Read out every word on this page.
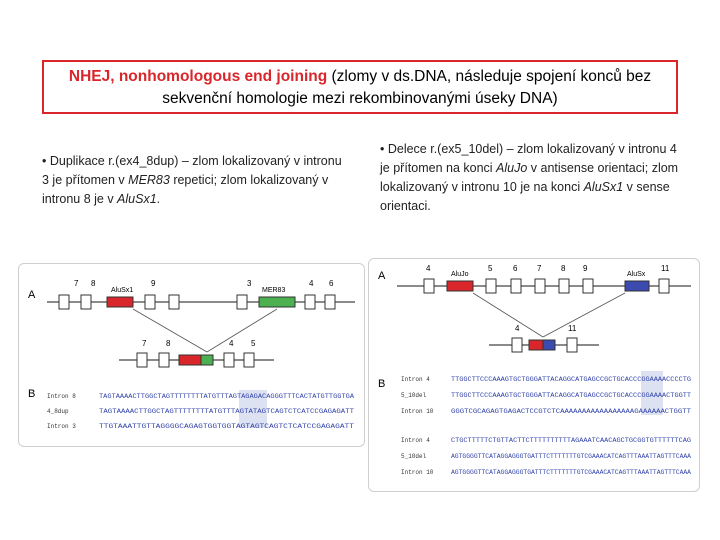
NHEJ, nonhomologous end joining (zlomy v ds.DNA, následuje spojení konců bez sekvenční homologie mezi rekombinovanými úseky DNA)
• Duplikace r.(ex4_8dup) – zlom lokalizovaný v intronu 3 je přítomen v MER83 repetici; zlom lokalizovaný v intronu 8 je v AluSx1.
• Delece r.(ex5_10del) – zlom lokalizovaný v intronu 4 je přítomen na konci AluJo v antisense orientaci; zlom lokalizovaný v intronu 10 je na konci AluSx1 v sense orientaci.
A
B
7 8
AluSx1
9	3
MER83
4 6
7 8	4 5
Intron 8	TAGTAAAACTTGGCTAGTTTTTTTTATGTTTAGTAGAGACAGGGTTTCACTATGTTGGTGA
4_8dup	TAGTAAAACTTGGCTAGTTTTTTTTATGTTTAGTATAGTCAGTCTCATCCGAGAGATT
Intron 3	TTGTAAATTGTTAGGGGCAGAGTGGTGGTAGTAGTCAGTCTCATCCGAGAGATT
A
B
4
AluJo
5	6 7 8 9
AluSx
11
4	11
Intron 4	TTGGCTTCCCAAAGTGCTGGGATTACAGGCATGAGCCGCTGCACCCGGAAAACCCCTG
5_10del	TTGGCTTCCCAAAGTGCTGGGATTACAGGCATGAGCCGCTGCACCCGGAAAACTGGTT
Intron 10	GGGTCGCAGAGTGAGACTCCGTCTCAAAAAAAAAAAAAAAAAGAAAAAACTGGTT
Intron 4	CTGCTTTTTCTGTTACTTCTTTTTTTTTTAGAAATCAACAGCTGCGGTGTTTTTTCAG
5_10del	AGTGGGGTTCATAGGAGGGTGATTTCTTTTTTTGTCGAAACATCAGTTTAAATTAGTTTCAAA
Intron 10	AGTGGGGTTCATAGGAGGGTGATTTCTTTTTTTGTCGAAACATCAGTTTAAATTAGTTTCAAA
